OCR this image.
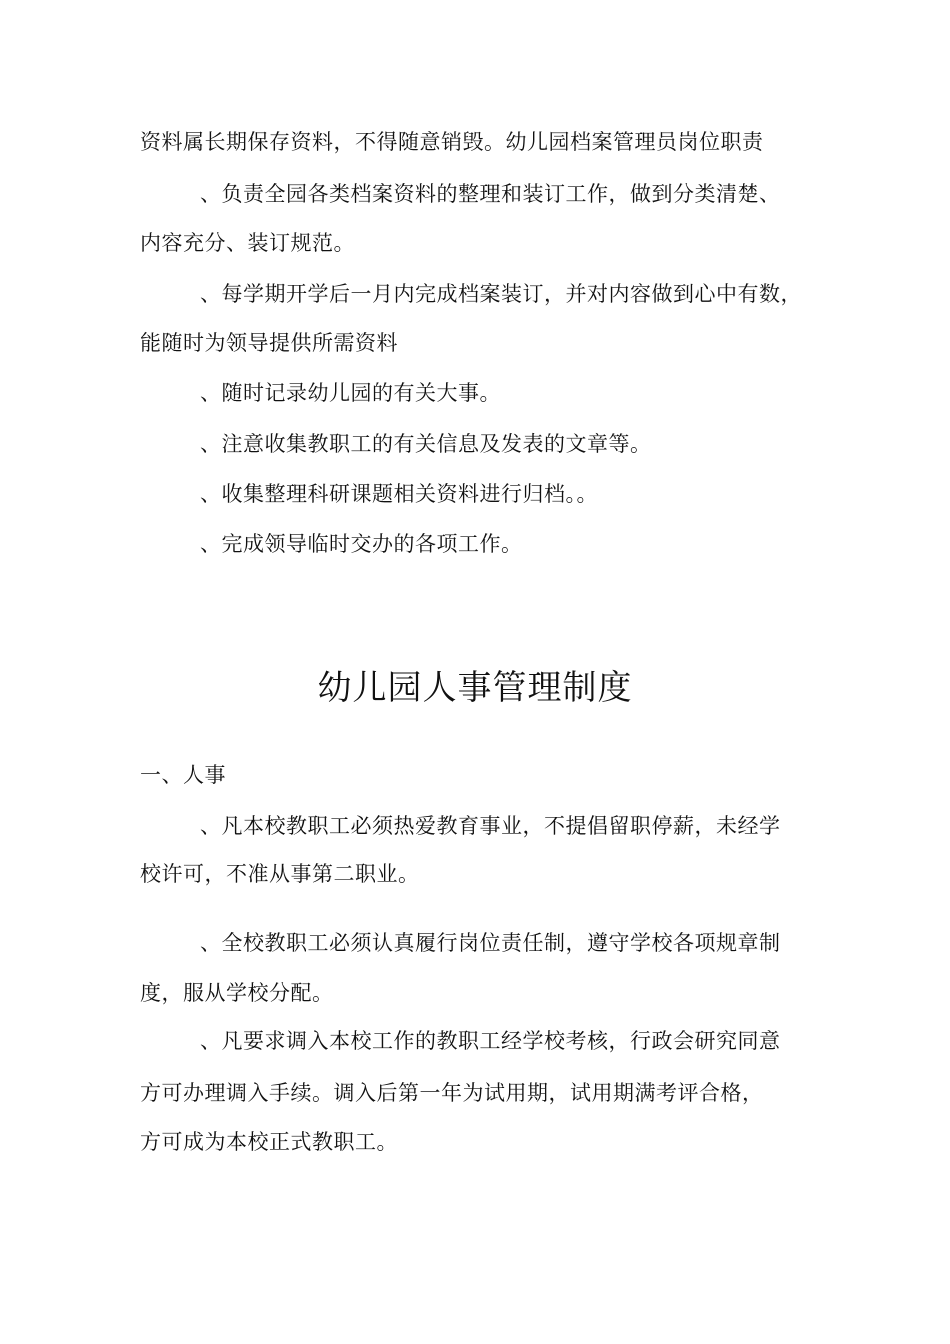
资料属长期保存资料，不得随意销毁。幼儿园档案管理员岗位职责
、负责全园各类档案资料的整理和装订工作，做到分类清楚、
内容充分、装订规范。
、每学期开学后一月内完成档案装订，并对内容做到心中有数，
能随时为领导提供所需资料
、随时记录幼儿园的有关大事。
、注意收集教职工的有关信息及发表的文章等。
、收集整理科研课题相关资料进行归档。。
、完成领导临时交办的各项工作。
幼儿园人事管理制度
一、人事
、凡本校教职工必须热爱教育事业，不提倡留职停薪，未经学
校许可，不准从事第二职业。
、全校教职工必须认真履行岗位责任制，遵守学校各项规章制
度，服从学校分配。
、凡要求调入本校工作的教职工经学校考核，行政会研究同意
方可办理调入手续。调入后第一年为试用期，试用期满考评合格，
方可成为本校正式教职工。
